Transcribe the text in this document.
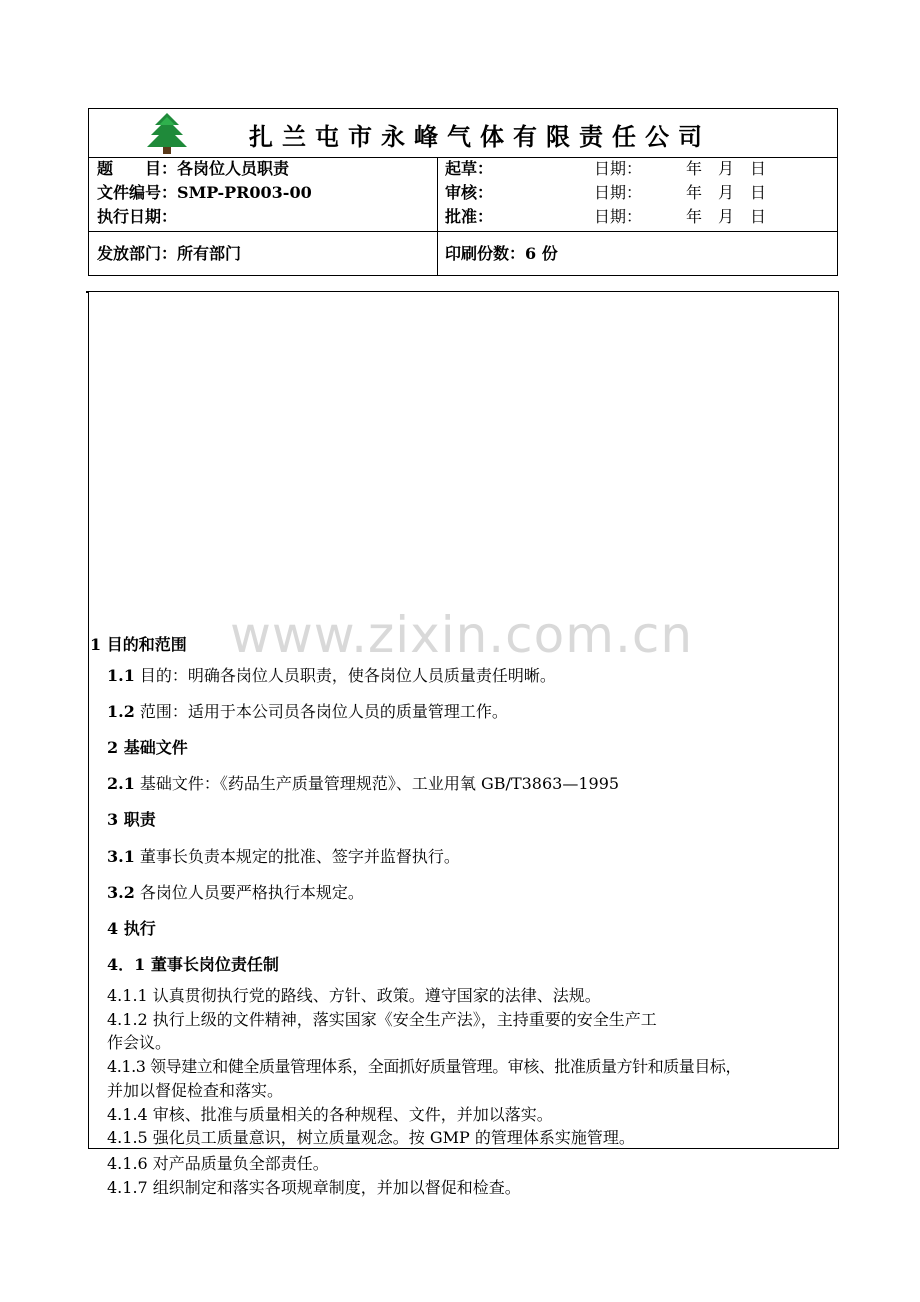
扎兰屯市永峰气体有限责任公司
题　　目：各岗位人员职责
文件编号：SMP-PR003-00
执行日期：
起草：
审核：
批准：
日期：
日期：
日期：
年　月　日
年　月　日
年　月　日
发放部门：所有部门	印刷份数：6 份
www.zixin.com.cn
1 目的和范围
1.1 目的：明确各岗位人员职责，使各岗位人员质量责任明晰。
1.2 范围：适用于本公司员各岗位人员的质量管理工作。
2 基础文件
2.1 基础文件：《药品生产质量管理规范》、工业用氧 GB/T3863—1995
3 职责
3.1 董事长负责本规定的批准、签字并监督执行。
3.2 各岗位人员要严格执行本规定。
4 执行
4．1 董事长岗位责任制
4.1.1 认真贯彻执行党的路线、方针、政策。遵守国家的法律、法规。
4.1.2 执行上级的文件精神，落实国家《安全生产法》，主持重要的安全生产工
作会议。
4.1.3 领导建立和健全质量管理体系，全面抓好质量管理。审核、批准质量方针和质量目标，
并加以督促检查和落实。
4.1.4 审核、批准与质量相关的各种规程、文件，并加以落实。
4.1.5 强化员工质量意识，树立质量观念。按 GMP 的管理体系实施管理。
4.1.6 对产品质量负全部责任。
4.1.7 组织制定和落实各项规章制度，并加以督促和检查。
